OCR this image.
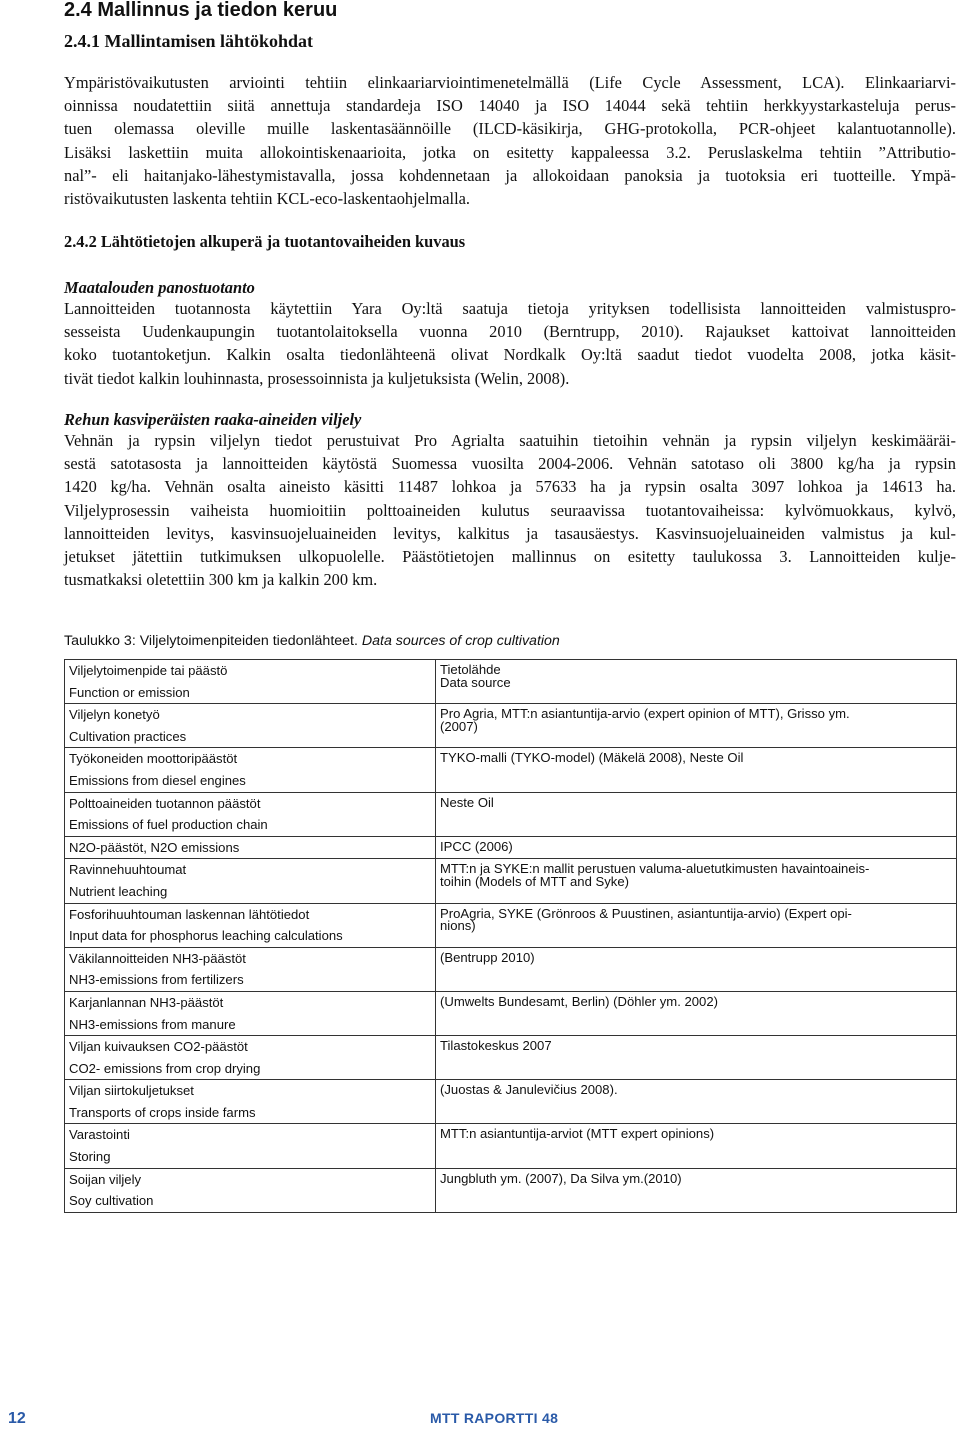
2.4 Mallinnus ja tiedon keruu
2.4.1 Mallintamisen lähtökohdat
Ympäristövaikutusten arviointi tehtiin elinkaariarviointimenetelmällä (Life Cycle Assessment, LCA). Elinkaariarvi-
oinnissa noudatettiin siitä annettuja standardeja ISO 14040 ja ISO 14044 sekä tehtiin herkkyystarkasteluja perus-
tuen olemassa oleville muille laskentasäännöille (ILCD-käsikirja, GHG-protokolla, PCR-ohjeet kalantuotannolle).
Lisäksi laskettiin muita allokointiskenaarioita, jotka on esitetty kappaleessa 3.2. Peruslaskelma tehtiin ”Attributio-
nal”- eli haitanjako-lähestymistavalla, jossa kohdennetaan ja allokoidaan panoksia ja tuotoksia eri tuotteille. Ympä-
ristövaikutusten laskenta tehtiin KCL-eco-laskentaohjelmalla.
2.4.2 Lähtötietojen alkuperä ja tuotantovaiheiden kuvaus
Maatalouden panostuotanto
Lannoitteiden tuotannosta käytettiin Yara Oy:ltä saatuja tietoja yrityksen todellisista lannoitteiden valmistuspro-
sesseista Uudenkaupungin tuotantolaitoksella vuonna 2010 (Berntrupp, 2010). Rajaukset kattoivat lannoitteiden
koko tuotantoketjun. Kalkin osalta tiedonlähteenä olivat Nordkalk Oy:ltä saadut tiedot vuodelta 2008, jotka käsit-
tivät tiedot kalkin louhinnasta, prosessoinnista ja kuljetuksista (Welin, 2008).
Rehun kasviperäisten raaka-aineiden viljely
Vehnän ja rypsin viljelyn tiedot perustuivat Pro Agrialta saatuihin tietoihin vehnän ja rypsin viljelyn keskimääräi-
sestä satotasosta ja lannoitteiden käytöstä Suomessa vuosilta 2004-2006. Vehnän satotaso oli 3800 kg/ha ja rypsin
1420 kg/ha. Vehnän osalta aineisto käsitti 11487 lohkoa ja 57633 ha ja rypsin osalta 3097 lohkoa ja 14613 ha.
Viljelyprosessin vaiheista huomioitiin polttoaineiden kulutus seuraavissa tuotantovaiheissa: kylvömuokkaus, kylvö,
lannoitteiden levitys, kasvinsuojeluaineiden levitys, kalkitus ja tasausäestys. Kasvinsuojeluaineiden valmistus ja kul-
jetukset jätettiin tutkimuksen ulkopuolelle. Päästötietojen mallinnus on esitetty taulukossa 3. Lannoitteiden kulje-
tusmatkaksi oletettiin 300 km ja kalkin 200 km.

Taulukko 3: Viljelytoimenpiteiden tiedonlähteet. Data sources of crop cultivation

Viljelytoimenpide tai päästö
Function or emission	Tietolähde
Data source

Viljelyn konetyö
Cultivation practices	Pro Agria, MTT:n asiantuntija-arvio (expert opinion of MTT), Grisso ym.
(2007)

Työkoneiden moottoripäästöt
Emissions from diesel engines	TYKO-malli (TYKO-model) (Mäkelä 2008), Neste Oil

Polttoaineiden tuotannon päästöt
Emissions of fuel production chain	Neste Oil

N2O-päästöt, N2O emissions	IPCC (2006)

Ravinnehuuhtoumat
Nutrient leaching	MTT:n ja SYKE:n mallit perustuen valuma-aluetutkimusten havaintoainеis-
toihin (Models of MTT and Syke)

Fosforihuuhtouman laskennan lähtötiedot
Input data for phosphorus leaching calculations	ProAgria, SYKE (Grönroos & Puustinen, asiantuntija-arvio) (Expert opi-
nions)

Väkilannoitteiden NH3-päästöt
NH3-emissions from fertilizers	(Bentrupp 2010)

Karjanlannan NH3-päästöt
NH3-emissions from manure	(Umwelts Bundesamt, Berlin) (Döhler ym. 2002)

Viljan kuivauksen CO2-päästöt
CO2- emissions from crop drying	Tilastokeskus 2007

Viljan siirtokuljetukset
Transports of crops inside farms	(Juostas & Janulevičius 2008).

Varastointi
Storing	MTT:n asiantuntija-arviot (MTT expert opinions)

Soijan viljely
Soy cultivation	Jungbluth ym. (2007), Da Silva ym.(2010)
12	MTT RAPORTTI 48
